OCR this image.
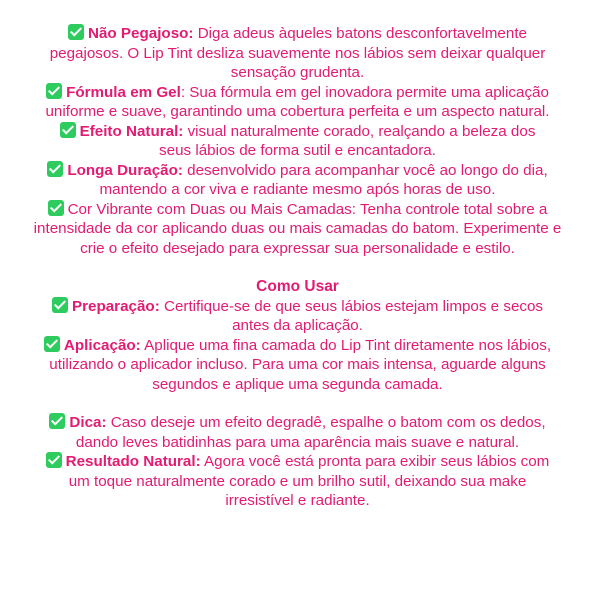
Não Pegajoso: Diga adeus àqueles batons desconfortavelmente pegajosos. O Lip Tint desliza suavemente nos lábios sem deixar qualquer sensação grudenta.

Fórmula em Gel: Sua fórmula em gel inovadora permite uma aplicação uniforme e suave, garantindo uma cobertura perfeita e um aspecto natural.

Efeito Natural: visual naturalmente corado, realçando a beleza dos seus lábios de forma sutil e encantadora.

Longa Duração: desenvolvido para acompanhar você ao longo do dia, mantendo a cor viva e radiante mesmo após horas de uso.

Cor Vibrante com Duas ou Mais Camadas: Tenha controle total sobre a intensidade da cor aplicando duas ou mais camadas do batom. Experimente e crie o efeito desejado para expressar sua personalidade e estilo.

Como Usar

Preparação: Certifique-se de que seus lábios estejam limpos e secos antes da aplicação.

Aplicação: Aplique uma fina camada do Lip Tint diretamente nos lábios, utilizando o aplicador incluso. Para uma cor mais intensa, aguarde alguns segundos e aplique uma segunda camada.

Dica: Caso deseje um efeito degradê, espalhe o batom com os dedos, dando leves batidinhas para uma aparência mais suave e natural.

Resultado Natural: Agora você está pronta para exibir seus lábios com um toque naturalmente corado e um brilho sutil, deixando sua make irresistível e radiante.
